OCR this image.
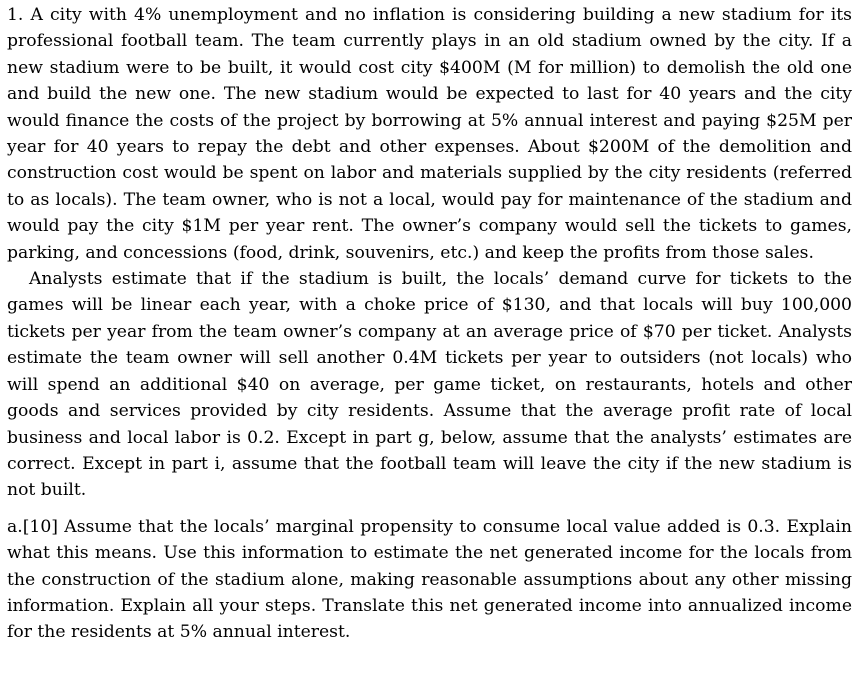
1. A city with 4% unemployment and no inflation is considering building a new stadium for its professional football team. The team currently plays in an old stadium owned by the city. If a new stadium were to be built, it would cost city $400M (M for million) to demolish the old one and build the new one. The new stadium would be expected to last for 40 years and the city would finance the costs of the project by borrowing at 5% annual interest and paying $25M per year for 40 years to repay the debt and other expenses. About $200M of the demolition and construction cost would be spent on labor and materials supplied by the city residents (referred to as locals). The team owner, who is not a local, would pay for maintenance of the stadium and would pay the city $1M per year rent. The owner’s company would sell the tickets to games, parking, and concessions (food, drink, souvenirs, etc.) and keep the profits from those sales.

Analysts estimate that if the stadium is built, the locals’ demand curve for tickets to the games will be linear each year, with a choke price of $130, and that locals will buy 100,000 tickets per year from the team owner’s company at an average price of $70 per ticket. Analysts estimate the team owner will sell another 0.4M tickets per year to outsiders (not locals) who will spend an additional $40 on average, per game ticket, on restaurants, hotels and other goods and services provided by city residents. Assume that the average profit rate of local business and local labor is 0.2. Except in part g, below, assume that the analysts’ estimates are correct. Except in part i, assume that the football team will leave the city if the new stadium is not built.

a.[10] Assume that the locals’ marginal propensity to consume local value added is 0.3. Explain what this means. Use this information to estimate the net generated income for the locals from the construction of the stadium alone, making reasonable assumptions about any other missing information. Explain all your steps. Translate this net generated income into annualized income for the residents at 5% annual interest.
